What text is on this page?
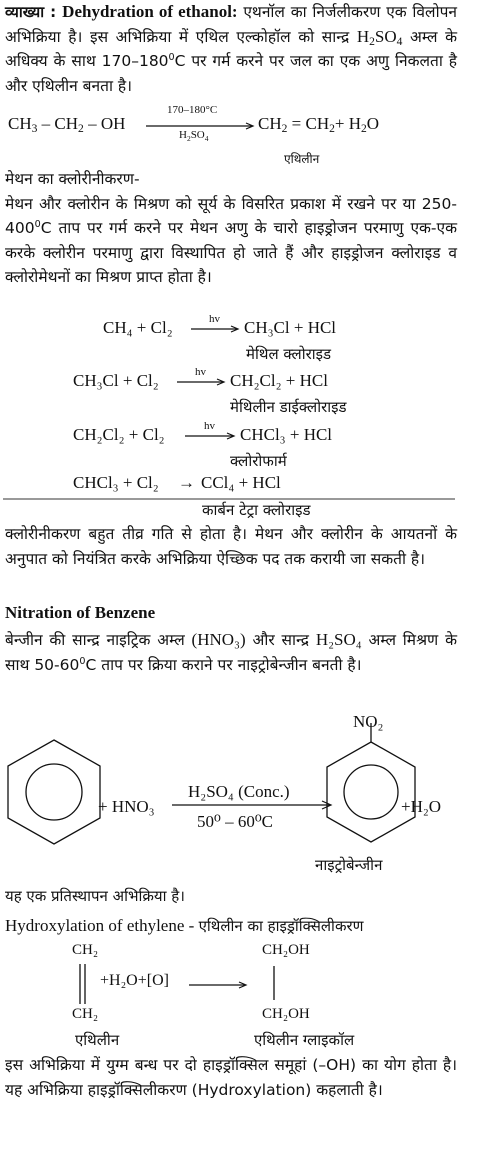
व्याख्या : Dehydration of ethanol: एथनॉल का निर्जलीकरण एक विलोपन अभिक्रिया है। इस अभिक्रिया में एथिल एल्कोहॉल को सान्द्र $H_2SO_4$ अम्ल के अधिक्य के साथ $170-180^0C$ पर गर्म करने पर जल का एक अणु निकलता है और एथिलीन बनता है।
$CH_3 - CH_2$ – OH
170–180°C
$H_2SO_4$
$CH_2 = CH_2+ H_2O$
एथिलीन
मेथन का क्लोरीनीकरण-
मेथन और क्लोरीन के मिश्रण को सूर्य के विसरित प्रकाश में रखने पर या $250-400^0C$ ताप पर गर्म करने पर मेथन अणु के चारो हाइड्रोजन परमाणु एक-एक करके क्लोरीन परमाणु द्वारा विस्थापित हो जाते हैं और हाइड्रोजन क्लोराइड व क्लोरोमेथनों का मिश्रण प्राप्त होता है।
CH₄ + Cl₂	hv → CH₃Cl + HCl
मेथिल क्लोराइड
CH₃Cl + Cl₂	hv → CH₂Cl₂ + HCl
मेथिलीन डाईक्लोराइड
CH₂Cl₂ + Cl₂	hv → CHCl₃ + HCl
क्लोरोफार्म
CHCl₃ + Cl₂ → CCl₄ + HCl
कार्बन टेट्रा क्लोराइड
क्लोरीनीकरण बहुत तीव्र गति से होता है। मेथन और क्लोरीन के आयतनों के अनुपात को नियंत्रित करके अभिक्रिया ऐच्छिक पद तक करायी जा सकती है।
Nitration of Benzene
बेन्जीन की सान्द्र नाइट्रिक अम्ल (HNO₃) और सान्द्र H₂SO₄ अम्ल मिश्रण के साथ $50-60^0C$ ताप पर क्रिया कराने पर नाइट्रोबेन्जीन बनती है।
NO₂
+ HNO₃
H₂SO₄ (Conc.)
50⁰ – 60⁰C
+H₂O
नाइट्रोबेन्जीन
यह एक प्रतिस्थापन अभिक्रिया है।
Hydroxylation of ethylene - एथिलीन का हाइड्रॉक्सिलीकरण
CH₂
+H₂O+[O] →
CH₂
एथिलीन
CH₂OH
CH₂OH
एथिलीन ग्लाइकॉल
इस अभिक्रिया में युग्म बन्ध पर दो हाइड्रॉक्सिल समूहां (–OH) का योग होता है। यह अभिक्रिया हाइड्रॉक्सिलीकरण (Hydroxylation) कहलाती है।
